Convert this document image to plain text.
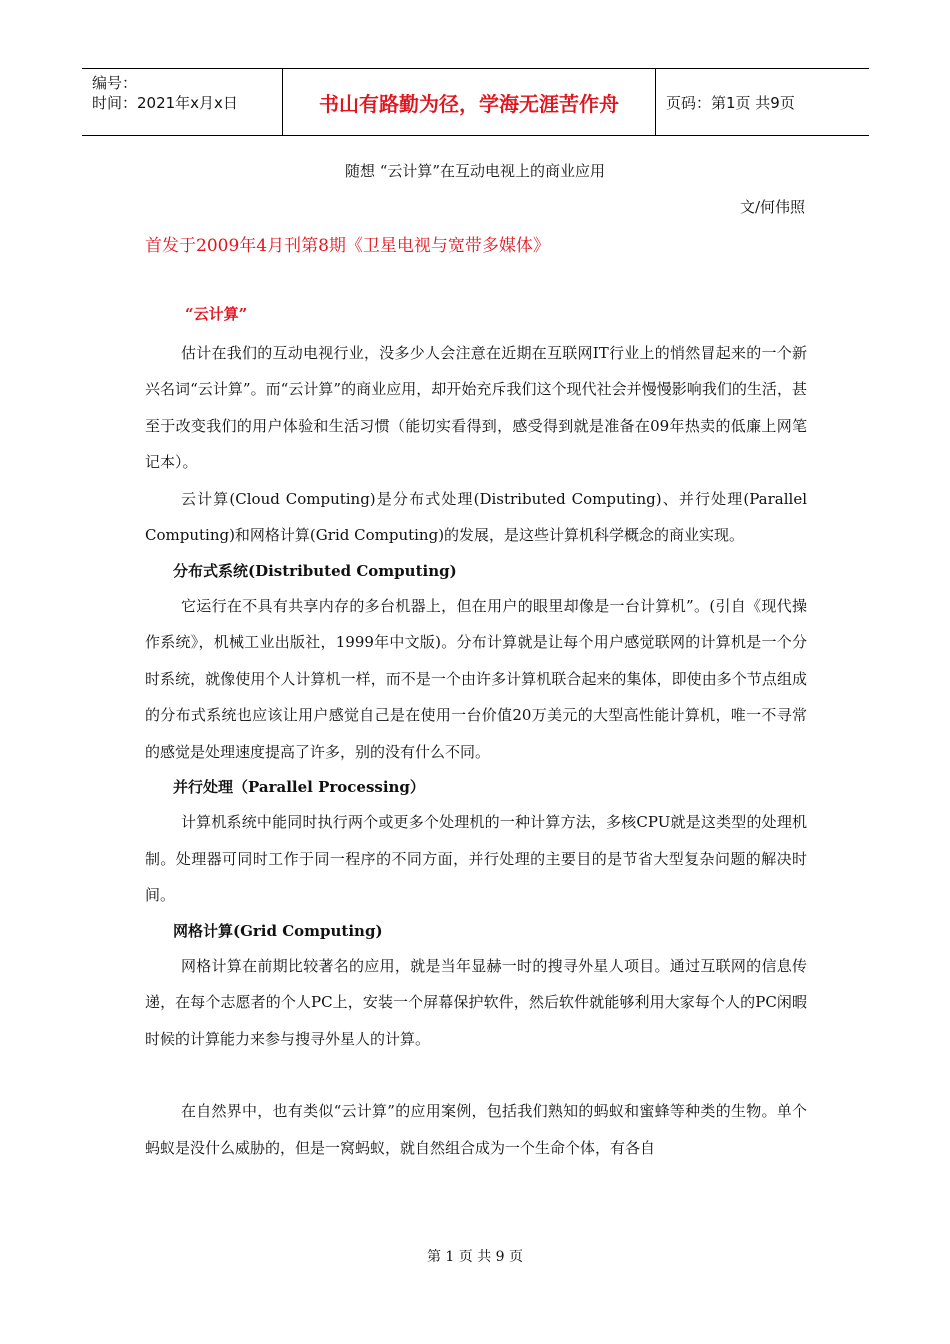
编号：
时间：2021年x月x日	书山有路勤为径，学海无涯苦作舟	页码：第1页 共9页
随想 “云计算”在互动电视上的商业应用
文/何伟照
首发于2009年4月刊第8期《卫星电视与宽带多媒体》
“云计算”

估计在我们的互动电视行业，没多少人会注意在近期在互联网IT行业上的悄然冒起来的一个新兴名词“云计算”。而“云计算”的商业应用，却开始充斥我们这个现代社会并慢慢影响我们的生活，甚至于改变我们的用户体验和生活习惯（能切实看得到，感受得到就是准备在09年热卖的低廉上网笔记本）。

云计算(Cloud Computing)是分布式处理(Distributed Computing)、并行处理(Parallel Computing)和网格计算(Grid Computing)的发展，是这些计算机科学概念的商业实现。

分布式系统(Distributed Computing)

它运行在不具有共享内存的多台机器上，但在用户的眼里却像是一台计算机”。(引自《现代操作系统》，机械工业出版社，1999年中文版)。分布计算就是让每个用户感觉联网的计算机是一个分时系统，就像使用个人计算机一样，而不是一个由许多计算机联合起来的集体，即使由多个节点组成的分布式系统也应该让用户感觉自己是在使用一台价值20万美元的大型高性能计算机，唯一不寻常的感觉是处理速度提高了许多，别的没有什么不同。

并行处理（Parallel Processing）

计算机系统中能同时执行两个或更多个处理机的一种计算方法，多核CPU就是这类型的处理机制。处理器可同时工作于同一程序的不同方面，并行处理的主要目的是节省大型复杂问题的解决时间。

网格计算(Grid Computing)

网格计算在前期比较著名的应用，就是当年显赫一时的搜寻外星人项目。通过互联网的信息传递，在每个志愿者的个人PC上，安装一个屏幕保护软件，然后软件就能够利用大家每个人的PC闲暇时候的计算能力来参与搜寻外星人的计算。

在自然界中，也有类似“云计算”的应用案例，包括我们熟知的蚂蚁和蜜蜂等种类的生物。单个蚂蚁是没什么威胁的，但是一窝蚂蚁，就自然组合成为一个生命个体，有各自

第 1 页 共 9 页
